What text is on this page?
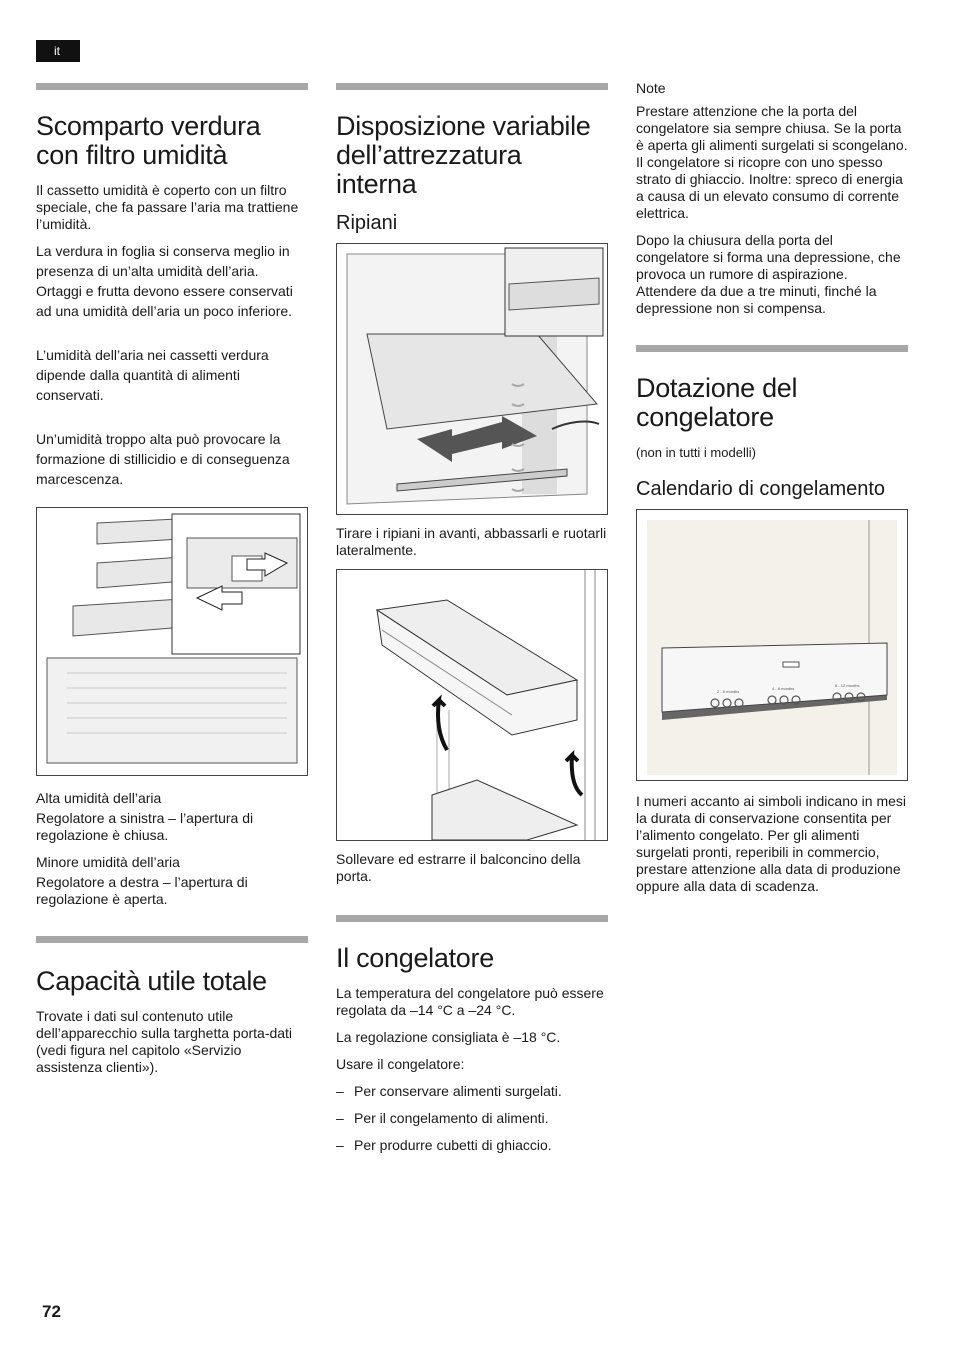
it
Scomparto verdura con filtro umidità

Il cassetto umidità è coperto con un filtro speciale, che fa passare l’aria ma trattiene l’umidità.

La verdura in foglia si conserva meglio in presenza di un’alta umidità dell’aria. Ortaggi e frutta devono essere conservati ad una umidità dell’aria un poco inferiore.

L’umidità dell’aria nei cassetti verdura dipende dalla quantità di alimenti conservati.

Un’umidità troppo alta può provocare la formazione di stillicidio e di conseguenza marcescenza.

Alta umidità dell’aria

Regolatore a sinistra – l’apertura di regolazione è chiusa.

Minore umidità dell’aria

Regolatore a destra – l’apertura di regolazione è aperta.

Capacità utile totale

Trovate i dati sul contenuto utile dell’apparecchio sulla targhetta porta-dati (vedi figura nel capitolo «Servizio assistenza clienti»).

Disposizione variabile dell’attrezzatura interna
Ripiani

Tirare i ripiani in avanti, abbassarli e ruotarli lateralmente.

Sollevare ed estrarre il balconcino della porta.

Il congelatore

La temperatura del congelatore può essere regolata da –14 °C a –24 °C.

La regolazione consigliata è –18 °C.

Usare il congelatore:

– Per conservare alimenti surgelati.

– Per il congelamento di alimenti.

– Per produrre cubetti di ghiaccio.

Note

Prestare attenzione che la porta del congelatore sia sempre chiusa. Se la porta è aperta gli alimenti surgelati si scongelano. Il congelatore si ricopre con uno spesso strato di ghiaccio. Inoltre: spreco di energia a causa di un elevato consumo di corrente elettrica.

Dopo la chiusura della porta del congelatore si forma una depressione, che provoca un rumore di aspirazione. Attendere da due a tre minuti, finché la depressione non si compensa.

Dotazione del congelatore

(non in tutti i modelli)

Calendario di congelamento
2 - 6 months
4 - 8 months
8 - 12 months

I numeri accanto ai simboli indicano in mesi la durata di conservazione consentita per l’alimento congelato. Per gli alimenti surgelati pronti, reperibili in commercio, prestare attenzione alla data di produzione oppure alla data di scadenza.

72
